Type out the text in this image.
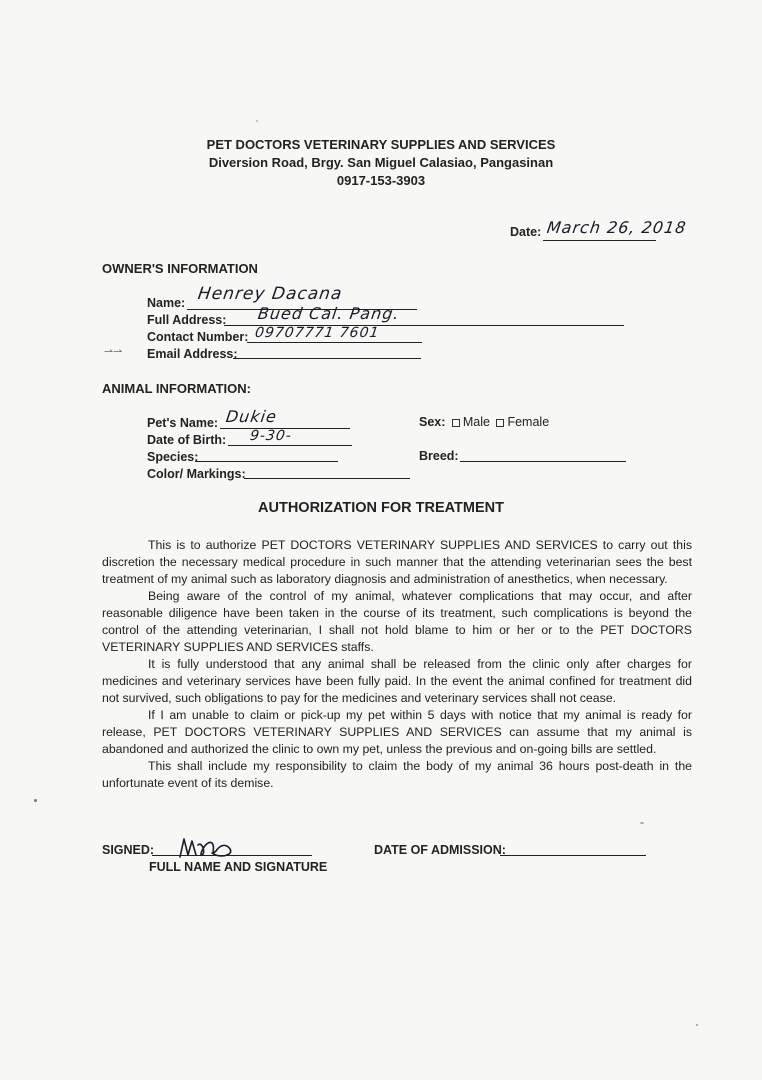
PET DOCTORS VETERINARY SUPPLIES AND SERVICES
Diversion Road, Brgy. San Miguel Calasiao, Pangasinan
0917-153-3903
Date: March 26, 2018
OWNER'S INFORMATION
Name: Henrey Dacana
Full Address: Bued Cal. Pang.
Contact Number: 09707771 7601
⇀⇀ Email Address:
ANIMAL INFORMATION:
Pet's Name: Dukie	Sex: Male Female
Date of Birth: 9-30-
Species:	Breed:
Color/ Markings:
AUTHORIZATION FOR TREATMENT

This is to authorize PET DOCTORS VETERINARY SUPPLIES AND SERVICES to carry out this discretion the necessary medical procedure in such manner that the attending veterinarian sees the best treatment of my animal such as laboratory diagnosis and administration of anesthetics, when necessary.

Being aware of the control of my animal, whatever complications that may occur, and after reasonable diligence have been taken in the course of its treatment, such complications is beyond the control of the attending veterinarian, I shall not hold blame to him or her or to the PET DOCTORS VETERINARY SUPPLIES AND SERVICES staffs.

It is fully understood that any animal shall be released from the clinic only after charges for medicines and veterinary services have been fully paid. In the event the animal confined for treatment did not survived, such obligations to pay for the medicines and veterinary services shall not cease.

If I am unable to claim or pick-up my pet within 5 days with notice that my animal is ready for release, PET DOCTORS VETERINARY SUPPLIES AND SERVICES can assume that my animal is abandoned and authorized the clinic to own my pet, unless the previous and on-going bills are settled.

This shall include my responsibility to claim the body of my animal 36 hours post-death in the unfortunate event of its demise.

SIGNED:
FULL NAME AND SIGNATURE
DATE OF ADMISSION:
